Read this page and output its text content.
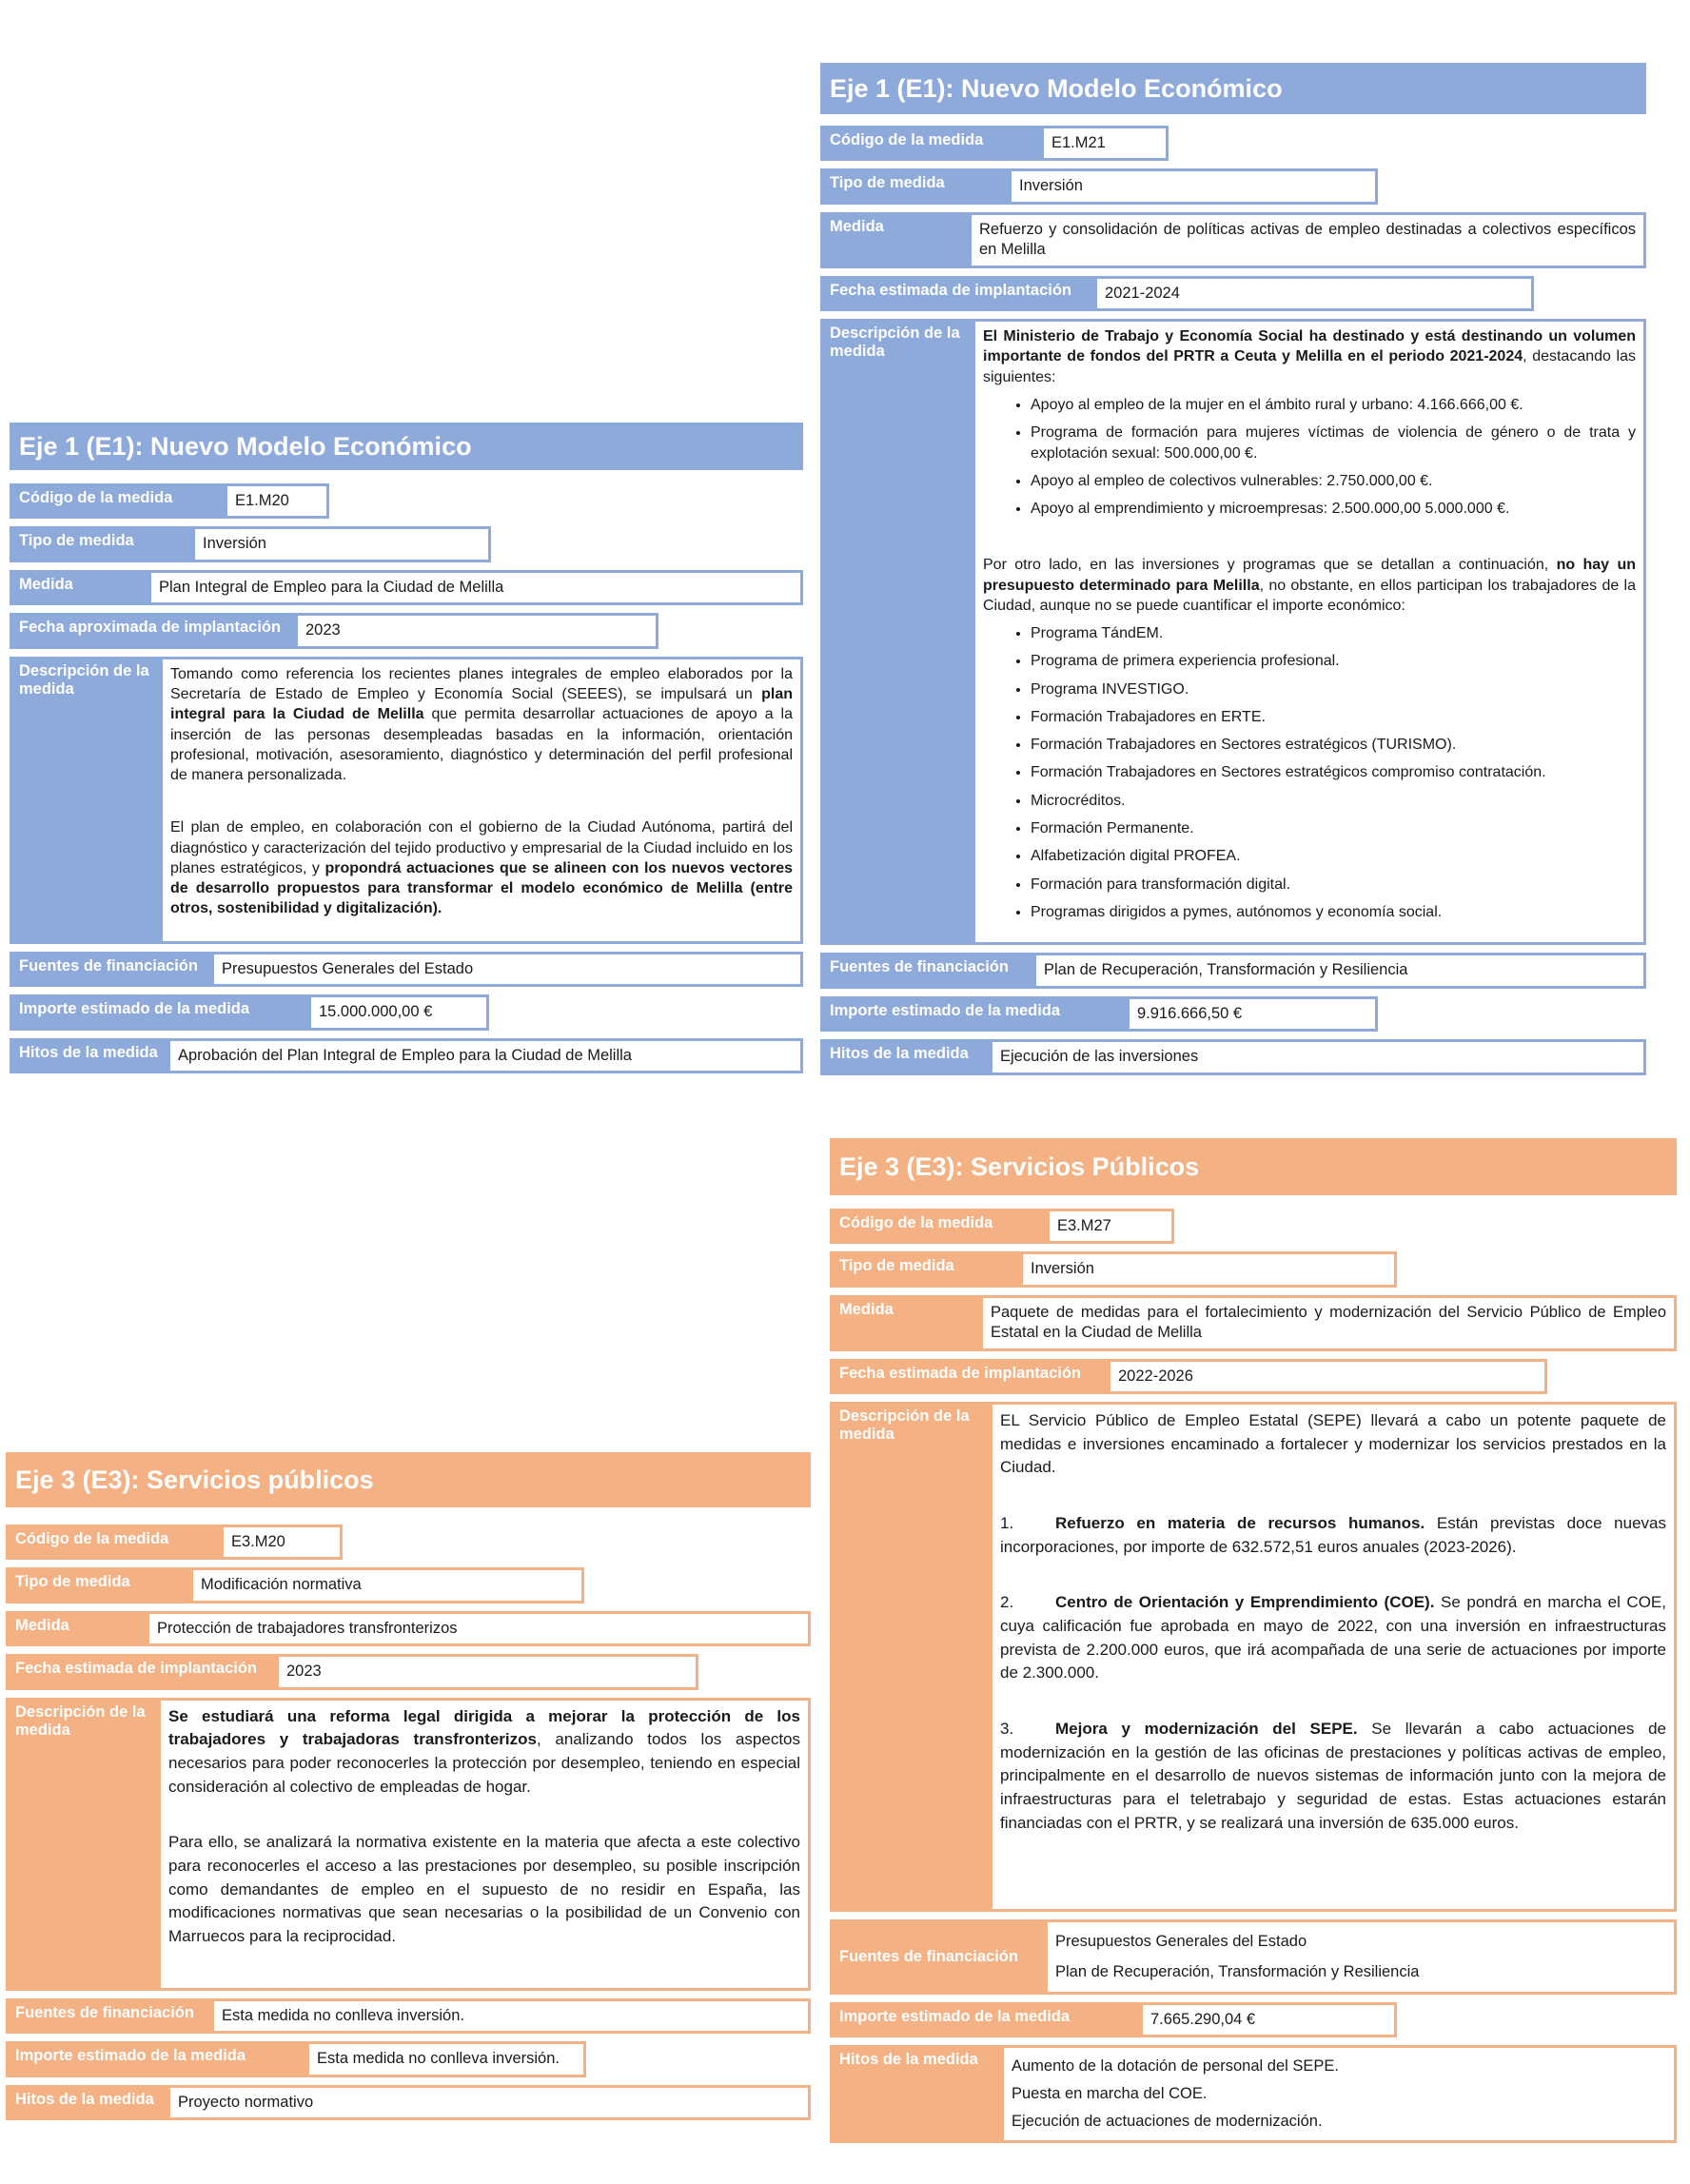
Eje 1 (E1): Nuevo Modelo Económico
Código de la medida	E1.M21
Tipo de medida	Inversión
Medida	Refuerzo y consolidación de políticas activas de empleo destinadas a colectivos específicos en Melilla
Fecha estimada de implantación	2021-2024
Descripción de la medida

El Ministerio de Trabajo y Economía Social ha destinado y está destinando un volumen importante de fondos del PRTR a Ceuta y Melilla en el periodo 2021-2024, destacando las siguientes:

• Apoyo al empleo de la mujer en el ámbito rural y urbano: 4.166.666,00 €.
• Programa de formación para mujeres víctimas de violencia de género o de trata y explotación sexual: 500.000,00 €.
• Apoyo al empleo de colectivos vulnerables: 2.750.000,00 €.
• Apoyo al emprendimiento y microempresas: 2.500.000,00 5.000.000 €.

Por otro lado, en las inversiones y programas que se detallan a continuación, no hay un presupuesto determinado para Melilla, no obstante, en ellos participan los trabajadores de la Ciudad, aunque no se puede cuantificar el importe económico:

• Programa TándEM.
• Programa de primera experiencia profesional.
• Programa INVESTIGO.
• Formación Trabajadores en ERTE.
• Formación Trabajadores en Sectores estratégicos (TURISMO).
• Formación Trabajadores en Sectores estratégicos compromiso contratación.
• Microcréditos.
• Formación Permanente.
• Alfabetización digital PROFEA.
• Formación para transformación digital.
• Programas dirigidos a pymes, autónomos y economía social.
Fuentes de financiación	Plan de Recuperación, Transformación y Resiliencia
Importe estimado de la medida	9.916.666,50 €
Hitos de la medida	Ejecución de las inversiones
Eje 1 (E1): Nuevo Modelo Económico
Código de la medida	E1.M20
Tipo de medida	Inversión
Medida	Plan Integral de Empleo para la Ciudad de Melilla
Fecha aproximada de implantación	2023
Descripción de la medida

Tomando como referencia los recientes planes integrales de empleo elaborados por la Secretaría de Estado de Empleo y Economía Social (SEEES), se impulsará un plan integral para la Ciudad de Melilla que permita desarrollar actuaciones de apoyo a la inserción de las personas desempleadas basadas en la información, orientación profesional, motivación, asesoramiento, diagnóstico y determinación del perfil profesional de manera personalizada.

El plan de empleo, en colaboración con el gobierno de la Ciudad Autónoma, partirá del diagnóstico y caracterización del tejido productivo y empresarial de la Ciudad incluido en los planes estratégicos, y propondrá actuaciones que se alineen con los nuevos vectores de desarrollo propuestos para transformar el modelo económico de Melilla (entre otros, sostenibilidad y digitalización).

Fuentes de financiación	Presupuestos Generales del Estado
Importe estimado de la medida	15.000.000,00 €
Hitos de la medida	Aprobación del Plan Integral de Empleo para la Ciudad de Melilla
Eje 3 (E3): Servicios Públicos
Código de la medida	E3.M27
Tipo de medida	Inversión
Medida	Paquete de medidas para el fortalecimiento y modernización del Servicio Público de Empleo Estatal en la Ciudad de Melilla
Fecha estimada de implantación	2022-2026
Descripción de la medida

EL Servicio Público de Empleo Estatal (SEPE) llevará a cabo un potente paquete de medidas e inversiones encaminado a fortalecer y modernizar los servicios prestados en la Ciudad.

1.	Refuerzo en materia de recursos humanos. Están previstas doce nuevas incorporaciones, por importe de 632.572,51 euros anuales (2023-2026).

2.	Centro de Orientación y Emprendimiento (COE). Se pondrá en marcha el COE, cuya calificación fue aprobada en mayo de 2022, con una inversión en infraestructuras prevista de 2.200.000 euros, que irá acompañada de una serie de actuaciones por importe de 2.300.000.

3.	Mejora y modernización del SEPE. Se llevarán a cabo actuaciones de modernización en la gestión de las oficinas de prestaciones y políticas activas de empleo, principalmente en el desarrollo de nuevos sistemas de información junto con la mejora de infraestructuras para el teletrabajo y seguridad de estas. Estas actuaciones estarán financiadas con el PRTR, y se realizará una inversión de 635.000 euros.

Fuentes de financiación
Presupuestos Generales del Estado
Plan de Recuperación, Transformación y Resiliencia
Importe estimado de la medida	7.665.290,04 €
Hitos de la medida	Aumento de la dotación de personal del SEPE.
Puesta en marcha del COE.
Ejecución de actuaciones de modernización.
Eje 3 (E3): Servicios públicos
Código de la medida	E3.M20
Tipo de medida	Modificación normativa
Medida	Protección de trabajadores transfronterizos
Fecha estimada de implantación	2023
Descripción de la medida

Se estudiará una reforma legal dirigida a mejorar la protección de los trabajadores y trabajadoras transfronterizos, analizando todos los aspectos necesarios para poder reconocerles la protección por desempleo, teniendo en especial consideración al colectivo de empleadas de hogar.

Para ello, se analizará la normativa existente en la materia que afecta a este colectivo para reconocerles el acceso a las prestaciones por desempleo, su posible inscripción como demandantes de empleo en el supuesto de no residir en España, las modificaciones normativas que sean necesarias o la posibilidad de un Convenio con Marruecos para la reciprocidad.

Fuentes de financiación	Esta medida no conlleva inversión.
Importe estimado de la medida	Esta medida no conlleva inversión.
Hitos de la medida	Proyecto normativo
